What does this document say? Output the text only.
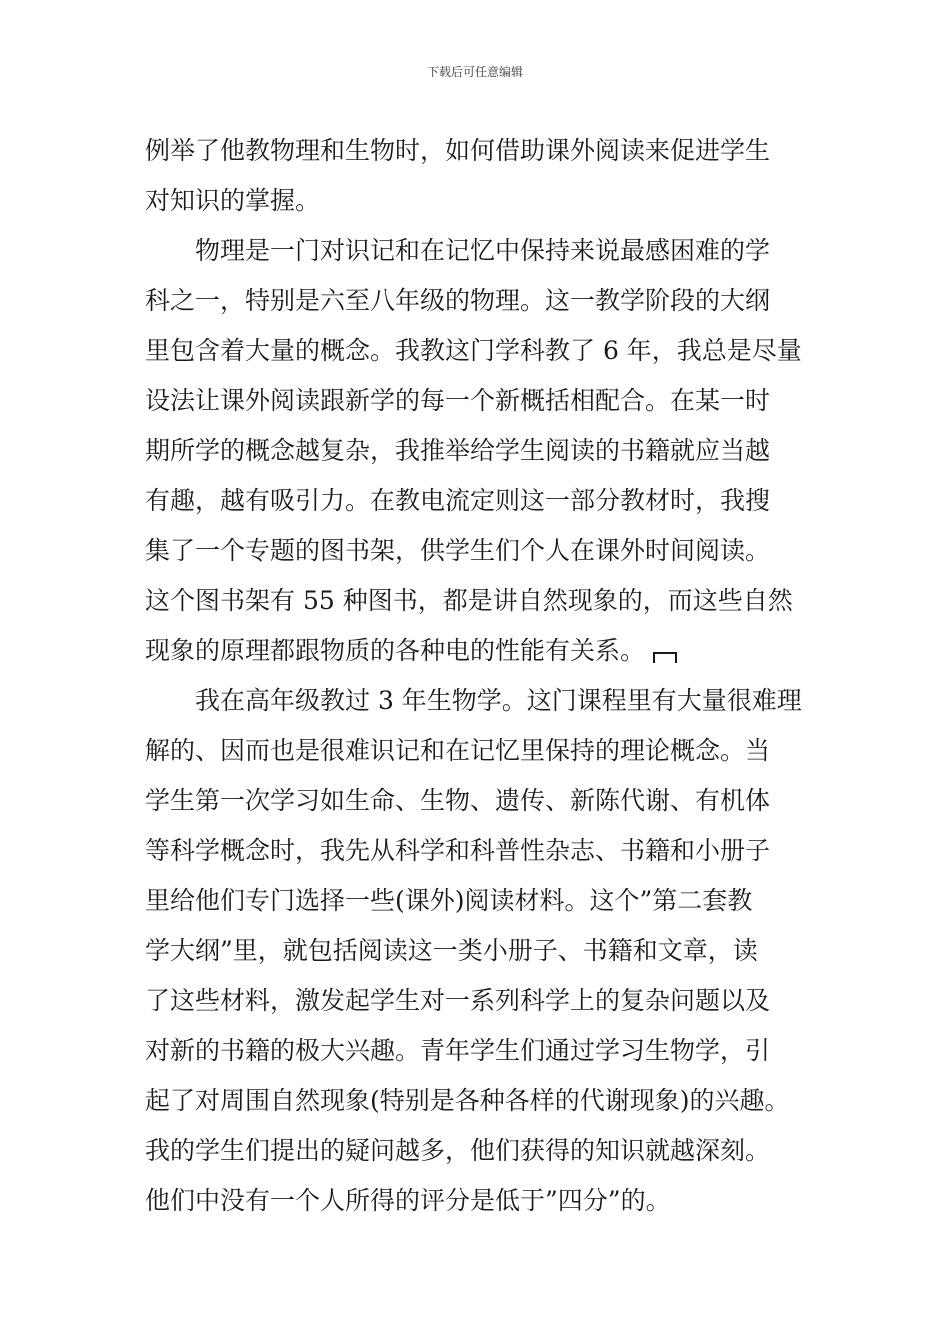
下载后可任意编辑
例举了他教物理和生物时，如何借助课外阅读来促进学生
对知识的掌握。
物理是一门对识记和在记忆中保持来说最感困难的学
科之一，特别是六至八年级的物理。这一教学阶段的大纲
里包含着大量的概念。我教这门学科教了 6 年，我总是尽量
设法让课外阅读跟新学的每一个新概括相配合。在某一时
期所学的概念越复杂，我推举给学生阅读的书籍就应当越
有趣，越有吸引力。在教电流定则这一部分教材时，我搜
集了一个专题的图书架，供学生们个人在课外时间阅读。
这个图书架有 55 种图书，都是讲自然现象的，而这些自然
现象的原理都跟物质的各种电的性能有关系。
我在高年级教过 3 年生物学。这门课程里有大量很难理
解的、因而也是很难识记和在记忆里保持的理论概念。当
学生第一次学习如生命、生物、遗传、新陈代谢、有机体
等科学概念时，我先从科学和科普性杂志、书籍和小册子
里给他们专门选择一些(课外)阅读材料。这个”第二套教
学大纲”里，就包括阅读这一类小册子、书籍和文章，读
了这些材料，激发起学生对一系列科学上的复杂问题以及
对新的书籍的极大兴趣。青年学生们通过学习生物学，引
起了对周围自然现象(特别是各种各样的代谢现象)的兴趣。
我的学生们提出的疑问越多，他们获得的知识就越深刻。
他们中没有一个人所得的评分是低于”四分”的。
